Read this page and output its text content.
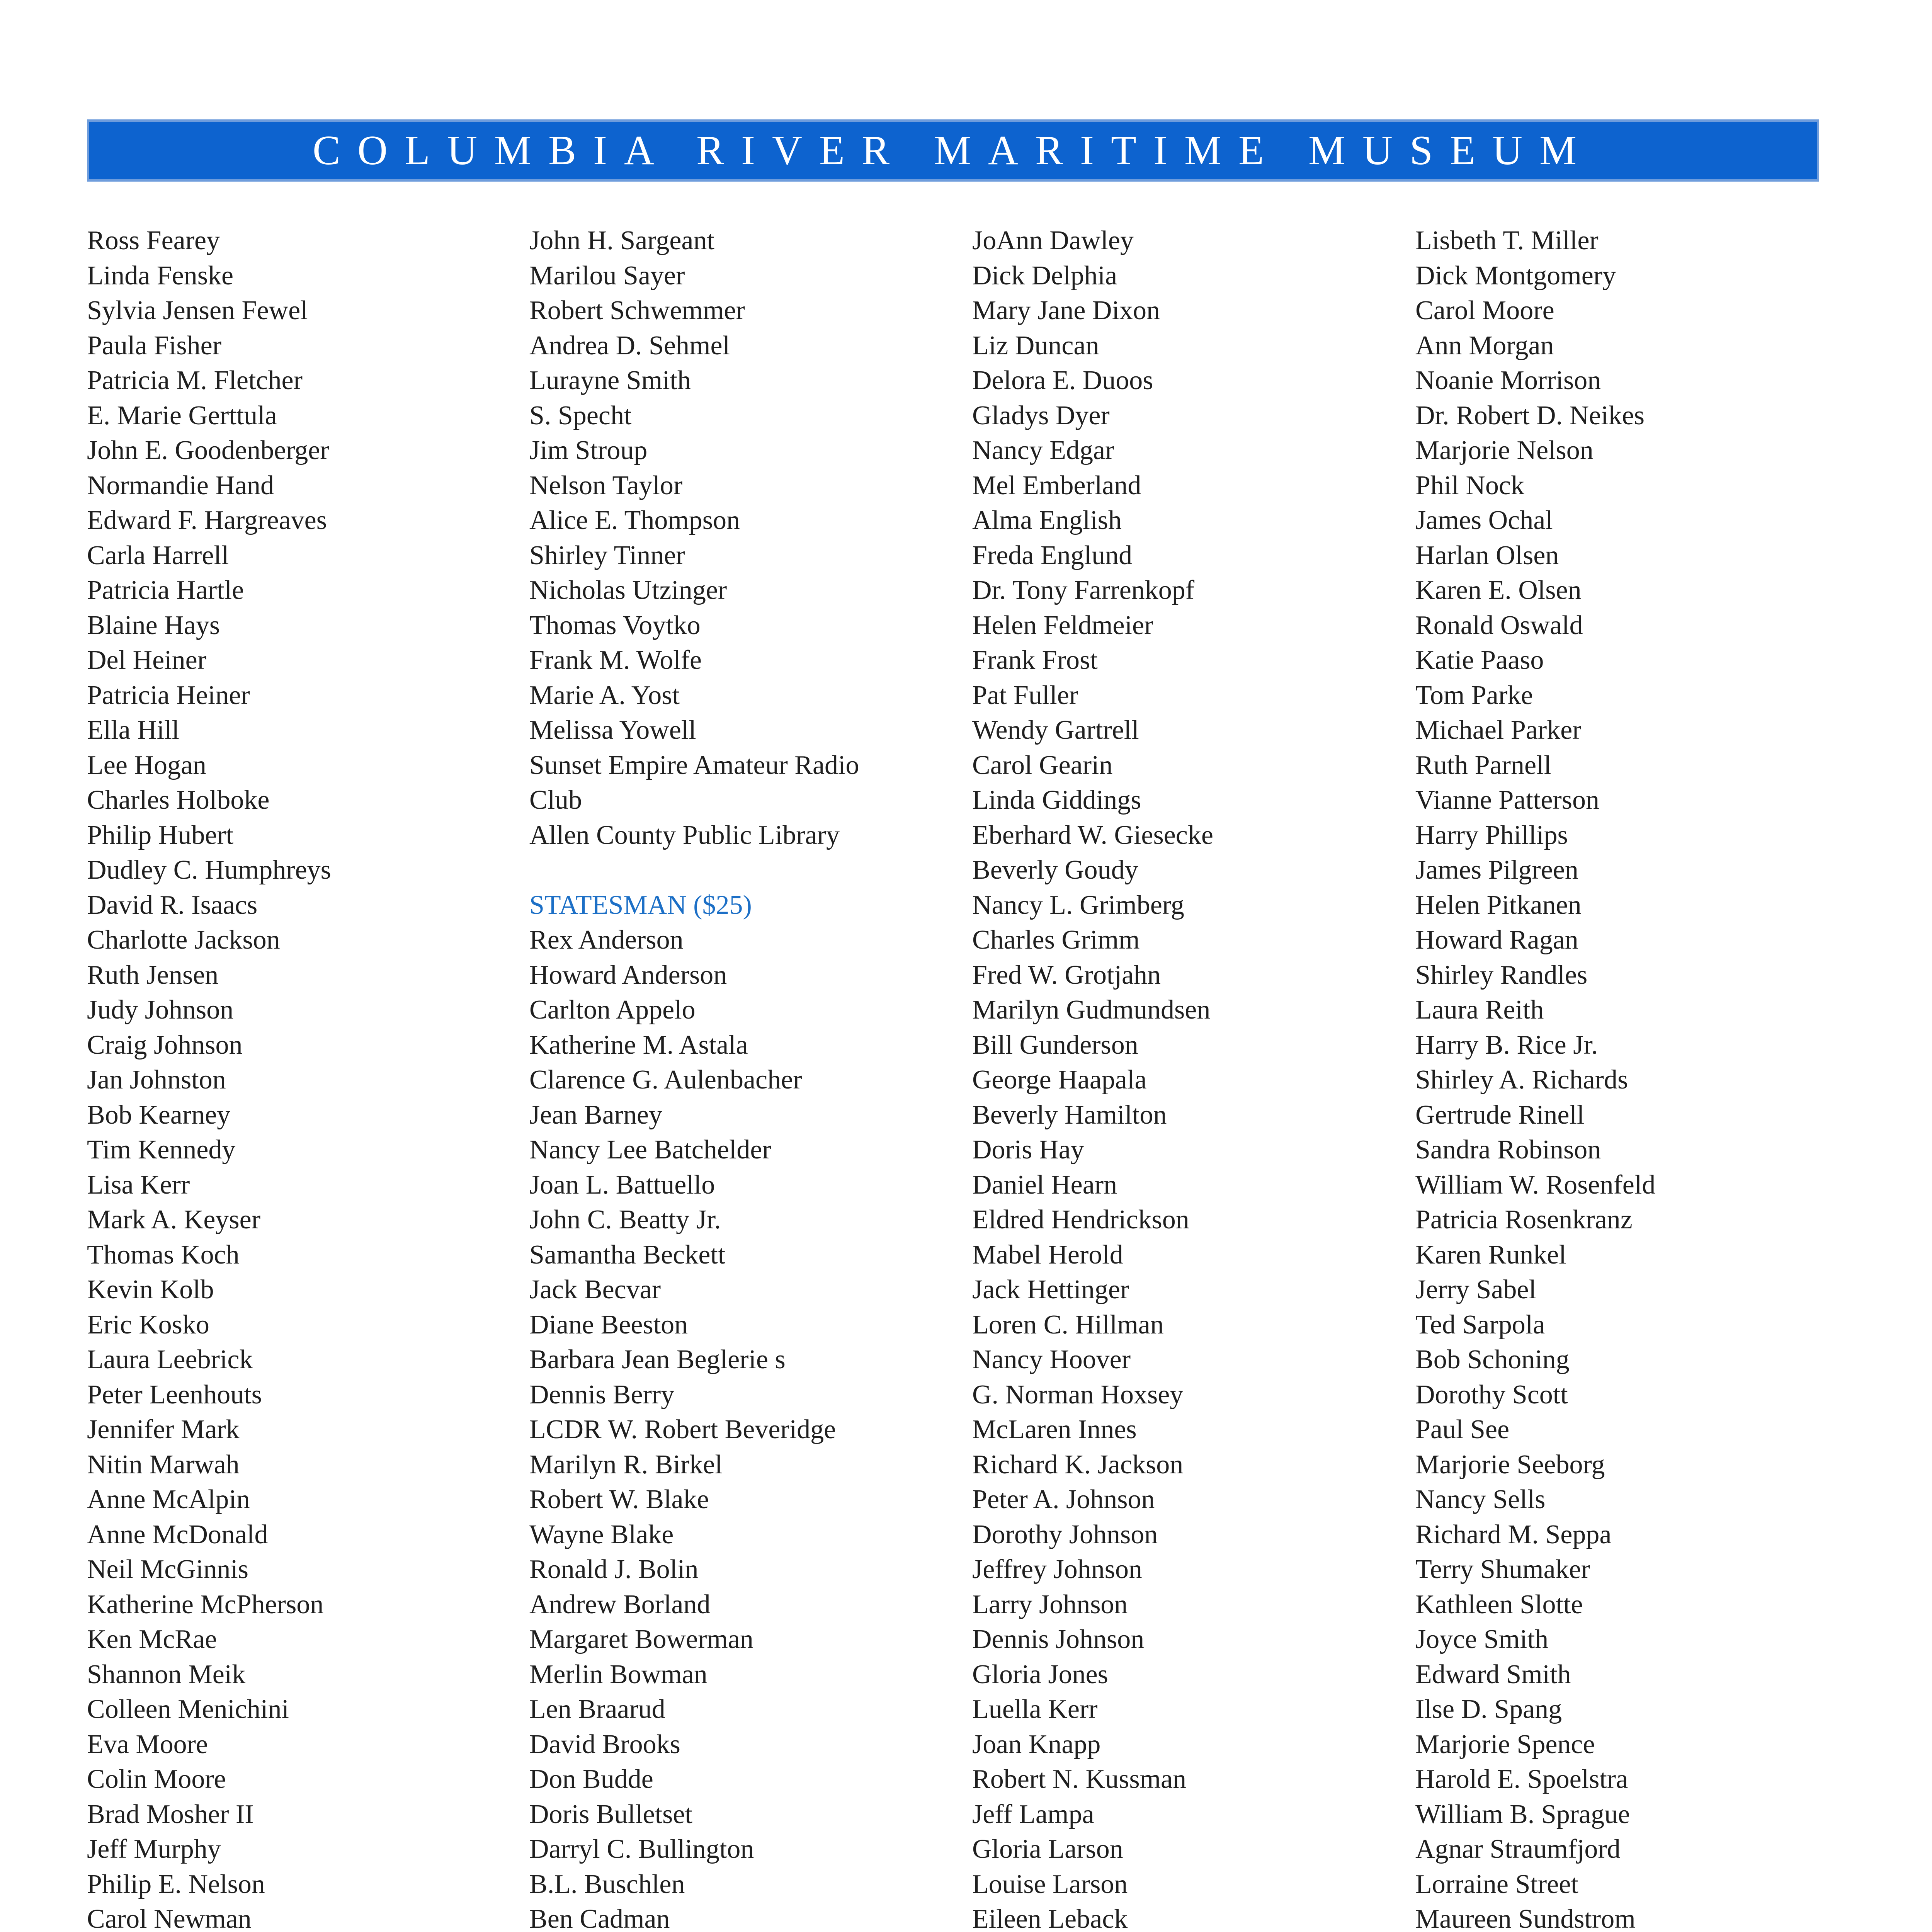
COLUMBIA RIVER MARITIME MUSEUM
Ross Fearey
Linda Fenske
Sylvia Jensen Fewel
Paula Fisher
Patricia M. Fletcher
E. Marie Gerttula
John E. Goodenberger
Normandie Hand
Edward F. Hargreaves
Carla Harrell
Patricia Hartle
Blaine Hays
Del Heiner
Patricia Heiner
Ella Hill
Lee Hogan
Charles Holboke
Philip Hubert
Dudley C. Humphreys
David R. Isaacs
Charlotte Jackson
Ruth Jensen
Judy Johnson
Craig Johnson
Jan Johnston
Bob Kearney
Tim Kennedy
Lisa Kerr
Mark A. Keyser
Thomas Koch
Kevin Kolb
Eric Kosko
Laura Leebrick
Peter Leenhouts
Jennifer Mark
Nitin Marwah
Anne McAlpin
Anne McDonald
Neil McGinnis
Katherine McPherson
Ken McRae
Shannon Meik
Colleen Menichini
Eva Moore
Colin Moore
Brad Mosher II
Jeff Murphy
Philip E. Nelson
Carol Newman
John H. Sargeant
Marilou Sayer
Robert Schwemmer
Andrea D. Sehmel
Lurayne Smith
S. Specht
Jim Stroup
Nelson Taylor
Alice E. Thompson
Shirley Tinner
Nicholas Utzinger
Thomas Voytko
Frank M. Wolfe
Marie A. Yost
Melissa Yowell
Sunset Empire Amateur Radio
Club
Allen County Public Library
STATESMAN ($25)
Rex Anderson
Howard Anderson
Carlton Appelo
Katherine M. Astala
Clarence G. Aulenbacher
Jean Barney
Nancy Lee Batchelder
Joan L. Battuello
John C. Beatty Jr.
Samantha Beckett
Jack Becvar
Diane Beeston
Barbara Jean Beglerie s
Dennis Berry
LCDR W. Robert Beveridge
Marilyn R. Birkel
Robert W. Blake
Wayne Blake
Ronald J. Bolin
Andrew Borland
Margaret Bowerman
Merlin Bowman
Len Braarud
David Brooks
Don Budde
Doris Bulletset
Darryl C. Bullington
B.L. Buschlen
Ben Cadman
JoAnn Dawley
Dick Delphia
Mary Jane Dixon
Liz Duncan
Delora E. Duoos
Gladys Dyer
Nancy Edgar
Mel Emberland
Alma English
Freda Englund
Dr. Tony Farrenkopf
Helen Feldmeier
Frank Frost
Pat Fuller
Wendy Gartrell
Carol Gearin
Linda Giddings
Eberhard W. Giesecke
Beverly Goudy
Nancy L. Grimberg
Charles Grimm
Fred W. Grotjahn
Marilyn Gudmundsen
Bill Gunderson
George Haapala
Beverly Hamilton
Doris Hay
Daniel Hearn
Eldred Hendrickson
Mabel Herold
Jack Hettinger
Loren C. Hillman
Nancy Hoover
G. Norman Hoxsey
McLaren Innes
Richard K. Jackson
Peter A. Johnson
Dorothy Johnson
Jeffrey Johnson
Larry Johnson
Dennis Johnson
Gloria Jones
Luella Kerr
Joan Knapp
Robert N. Kussman
Jeff Lampa
Gloria Larson
Louise Larson
Eileen Leback
Lisbeth T. Miller
Dick Montgomery
Carol Moore
Ann Morgan
Noanie Morrison
Dr. Robert D. Neikes
Marjorie Nelson
Phil Nock
James Ochal
Harlan Olsen
Karen E. Olsen
Ronald Oswald
Katie Paaso
Tom Parke
Michael Parker
Ruth Parnell
Vianne Patterson
Harry Phillips
James Pilgreen
Helen Pitkanen
Howard Ragan
Shirley Randles
Laura Reith
Harry B. Rice Jr.
Shirley A. Richards
Gertrude Rinell
Sandra Robinson
William W. Rosenfeld
Patricia Rosenkranz
Karen Runkel
Jerry Sabel
Ted Sarpola
Bob Schoning
Dorothy Scott
Paul See
Marjorie Seeborg
Nancy Sells
Richard M. Seppa
Terry Shumaker
Kathleen Slotte
Joyce Smith
Edward Smith
Ilse D. Spang
Marjorie Spence
Harold E. Spoelstra
William B. Sprague
Agnar Straumfjord
Lorraine Street
Maureen Sundstrom
